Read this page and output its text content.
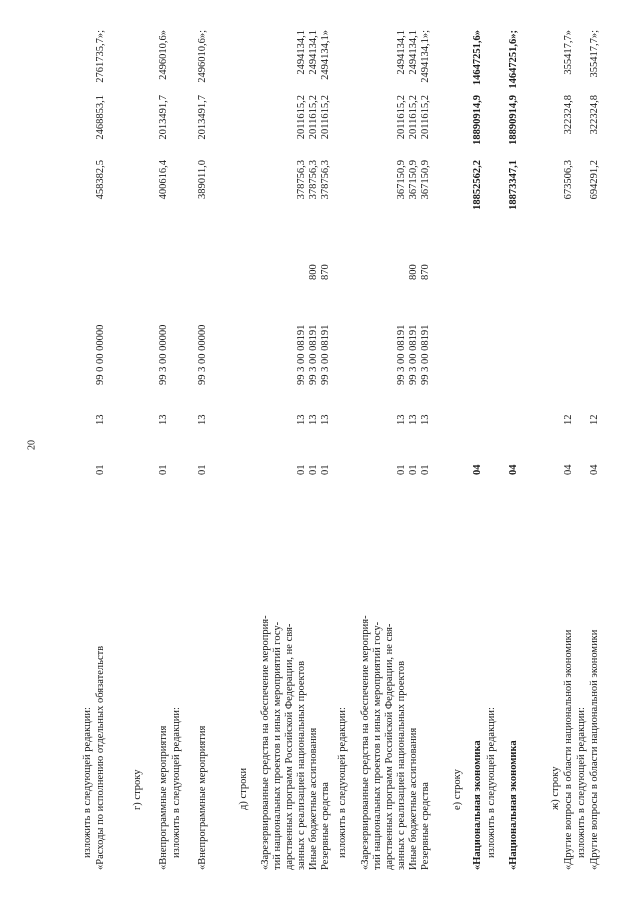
20
изложить в следующей редакции: «Расходы по исполнению отдельных обязательств
01
13
99 0 00 00000
458382,5
2468853,1
2761735,7»;
г) строку «Внепрограммные мероприятия
01
13
99 3 00 00000
400616,4
2013491,7
2496010,6»
изложить в следующей редакции: «Внепрограммные мероприятия
01
13
99 3 00 00000
389011,0
2013491,7
2496010,6»;
д) строки «Зарезервированные средства на обеспечение мероприя- тий национальных проектов и иных мероприятий госу- дарственных программ Российской Федерации, не свя- занных с реализацией национальных проектов
01
13
99 3 00 08191
378756,3
2011615,2
2494134,1
Иные бюджетные ассигнования
01
13
99 3 00 08191
800
378756,3
2011615,2
2494134,1
Резервные средства
01
13
99 3 00 08191
870
378756,3
2011615,2
2494134,1»
изложить в следующей редакции: «Зарезервированные средства на обеспечение мероприя- тий национальных проектов и иных мероприятий госу- дарственных программ Российской Федерации, не свя- занных с реализацией национальных проектов
01
13
99 3 00 08191
367150,9
2011615,2
2494134,1
Иные бюджетные ассигнования
01
13
99 3 00 08191
800
367150,9
2011615,2
2494134,1
Резервные средства
01
13
99 3 00 08191
870
367150,9
2011615,2
2494134,1»;
е) строку «Национальная экономика
04
18852562,2
18890914,9
14647251,6»
изложить в следующей редакции: «Национальная экономика
04
18873347,1
18890914,9
14647251,6»;
ж) строку «Другие вопросы в области национальной экономики
04
12
673506,3
322324,8
355417,7»
изложить в следующей редакции: «Другие вопросы в области национальной экономики
04
12
694291,2
322324,8
355417,7»;
